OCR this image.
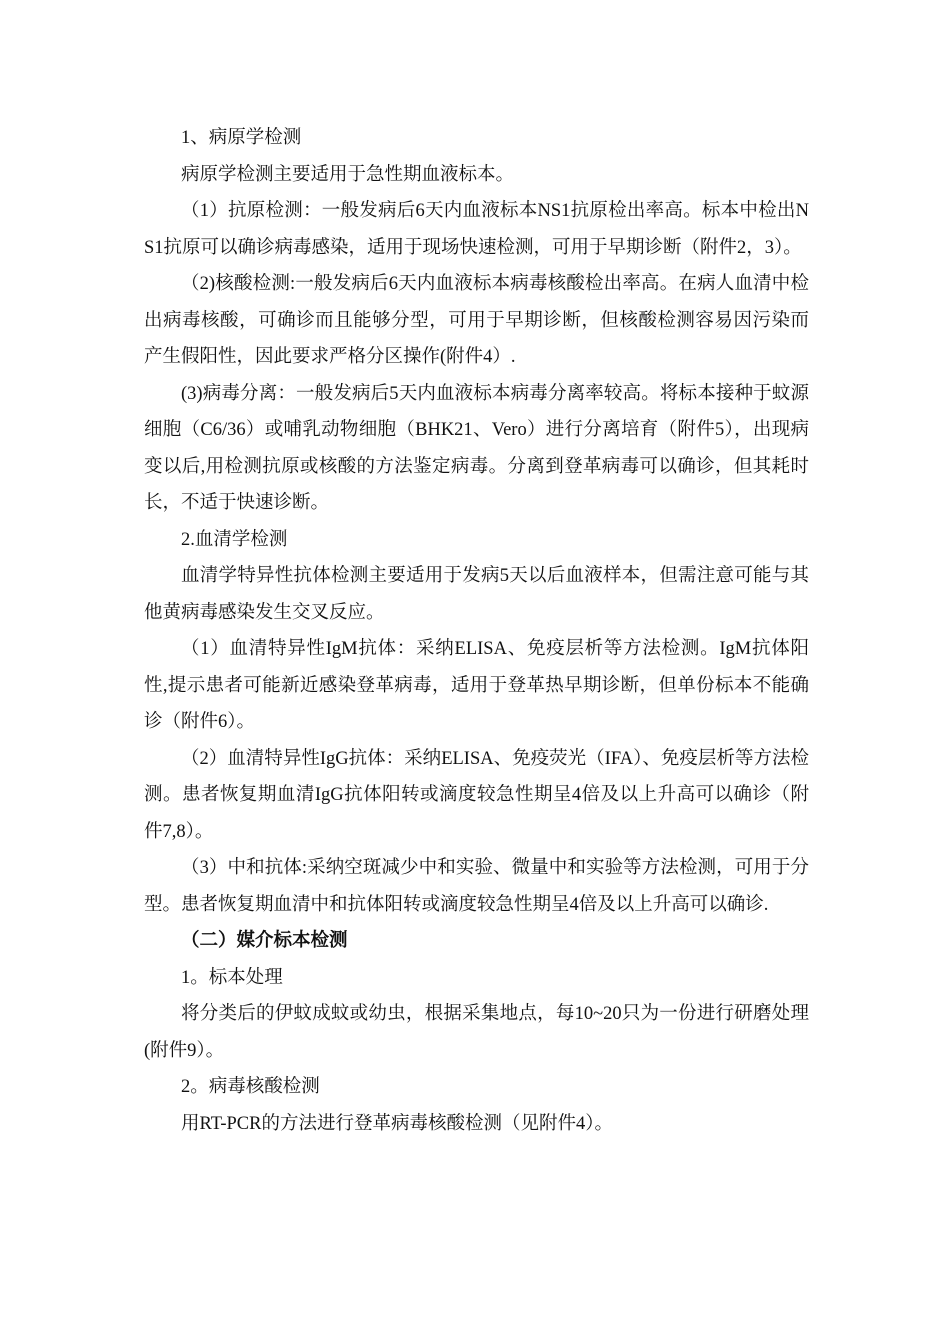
1、病原学检测

病原学检测主要适用于急性期血液标本。

（1）抗原检测：一般发病后6天内血液标本NS1抗原检出率高。标本中检出NS1抗原可以确诊病毒感染，适用于现场快速检测，可用于早期诊断（附件2，3）。

（2)核酸检测:一般发病后6天内血液标本病毒核酸检出率高。在病人血清中检出病毒核酸，可确诊而且能够分型，可用于早期诊断，但核酸检测容易因污染而产生假阳性，因此要求严格分区操作(附件4）.

(3)病毒分离：一般发病后5天内血液标本病毒分离率较高。将标本接种于蚊源细胞（C6/36）或哺乳动物细胞（BHK21、Vero）进行分离培育（附件5），出现病变以后,用检测抗原或核酸的方法鉴定病毒。分离到登革病毒可以确诊，但其耗时长，不适于快速诊断。

2.血清学检测

血清学特异性抗体检测主要适用于发病5天以后血液样本，但需注意可能与其他黄病毒感染发生交叉反应。

（1）血清特异性IgM抗体：采纳ELISA、免疫层析等方法检测。IgM抗体阳性,提示患者可能新近感染登革病毒，适用于登革热早期诊断，但单份标本不能确诊（附件6）。

（2）血清特异性IgG抗体：采纳ELISA、免疫荧光（IFA）、免疫层析等方法检测。患者恢复期血清IgG抗体阳转或滴度较急性期呈4倍及以上升高可以确诊（附件7,8）。

（3）中和抗体:采纳空斑减少中和实验、微量中和实验等方法检测，可用于分型。患者恢复期血清中和抗体阳转或滴度较急性期呈4倍及以上升高可以确诊.

（二）媒介标本检测

1。标本处理

将分类后的伊蚊成蚊或幼虫，根据采集地点，每10~20只为一份进行研磨处理(附件9）。

2。病毒核酸检测

用RT-PCR的方法进行登革病毒核酸检测（见附件4）。
